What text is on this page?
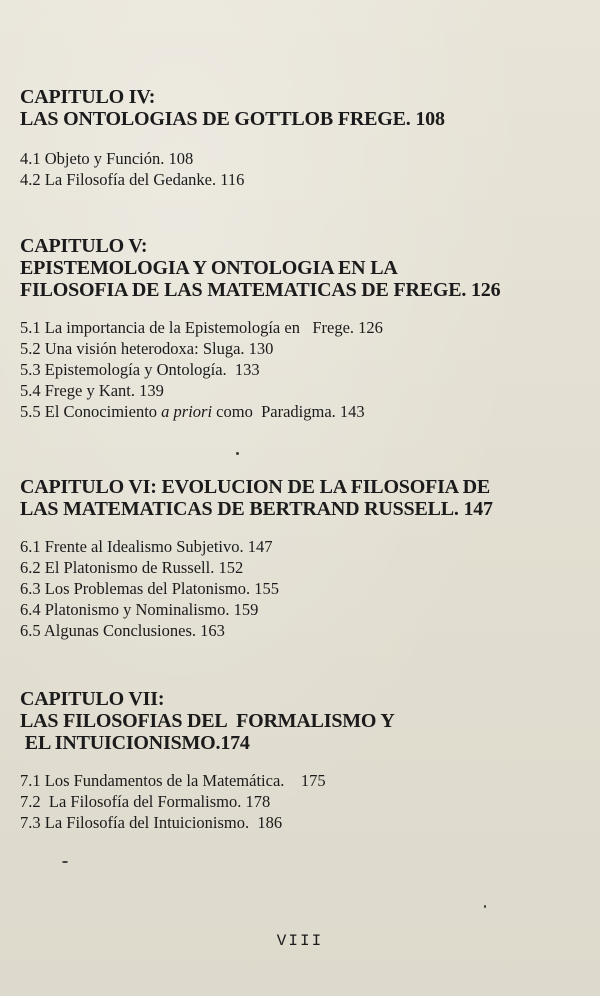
CAPITULO IV:
LAS ONTOLOGIAS DE GOTTLOB FREGE. 108
4.1 Objeto y Función. 108
4.2 La Filosofía del Gedanke. 116
CAPITULO V:
EPISTEMOLOGIA Y ONTOLOGIA EN LA
FILOSOFIA DE LAS MATEMATICAS DE FREGE. 126
5.1 La importancia de la Epistemología en   Frege. 126
5.2 Una visión heterodoxa: Sluga. 130
5.3 Epistemología y Ontología.  133
5.4 Frege y Kant. 139
5.5 El Conocimiento a priori como  Paradigma. 143
CAPITULO VI: EVOLUCION DE LA FILOSOFIA DE
LAS MATEMATICAS DE BERTRAND RUSSELL. 147
6.1 Frente al Idealismo Subjetivo. 147
6.2 El Platonismo de Russell. 152
6.3 Los Problemas del Platonismo. 155
6.4 Platonismo y Nominalismo. 159
6.5 Algunas Conclusiones. 163
CAPITULO VII:
LAS FILOSOFIAS DEL  FORMALISMO Y
EL INTUICIONISMO.174
7.1 Los Fundamentos de la Matemática.    175
7.2  La Filosofía del Formalismo. 178
7.3 La Filosofía del Intuicionismo.  186
VIII
